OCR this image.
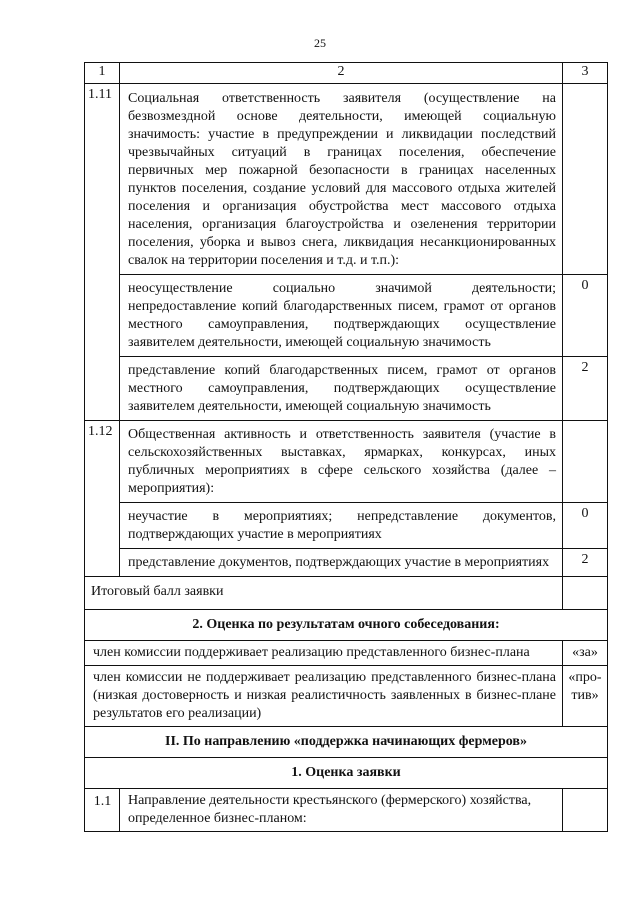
25
1	2	3
1.11	Социальная ответственность заявителя (осуществление на безвозмездной основе деятельности, имеющей социальную значимость: участие в предупреждении и ликвидации последствий чрезвычайных ситуаций в границах поселения, обеспечение первичных мер пожарной безопасности в границах населенных пунктов поселения, создание условий для массового отдыха жителей поселения и организация обустройства мест массового отдыха населения, организация благоустройства и озеленения территории поселения, уборка и вывоз снега, ликвидация несанкционированных свалок на территории поселения и т.д. и т.п.):	
неосуществление социально значимой деятельности; непредоставление копий благодарственных писем, грамот от органов местного самоуправления, подтверждающих осуществление заявителем деятельности, имеющей социальную значимость	0
представление копий благодарственных писем, грамот от органов местного самоуправления, подтверждающих осуществление заявителем деятельности, имеющей социальную значимость	2

1.12	Общественная активность и ответственность заявителя (участие в сельскохозяйственных выставках, ярмарках, конкурсах, иных публичных мероприятиях в сфере сельского хозяйства (далее – мероприятия):	
неучастие в мероприятиях; непредставление документов, подтверждающих участие в мероприятиях	0
представление документов, подтверждающих участие в мероприятиях	2

Итоговый балл заявки	
2. Оценка по результатам очного собеседования:
член комиссии поддерживает реализацию представленного бизнес-плана	«за»
член комиссии не поддерживает реализацию представленного бизнес-плана (низкая достоверность и низкая реалистичность заявленных в бизнес-плане результатов его реализации)	«про-тив»
II. По направлению «поддержка начинающих фермеров»
1. Оценка заявки
1.1	Направление деятельности крестьянского (фермерского) хозяйства, определенное бизнес-планом:	
